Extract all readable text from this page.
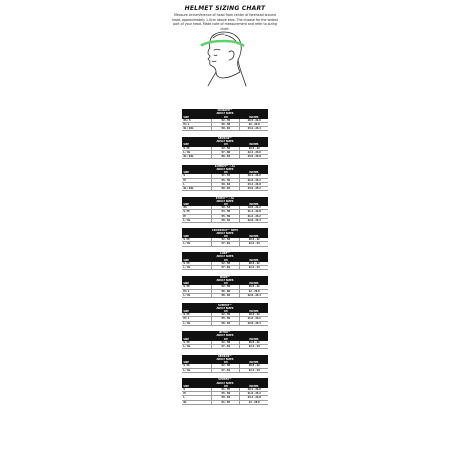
HELMET SIZING CHART
Measure circumference of head from center of forehead around head, approximately 1.5cm above ears. The choose for the widest part of your head. Make note of measurement and refer to sizing chart.
WANDER™
ADULT SIZES
SIZE	CM	INCHES
XS / S	52 - 55	20.5 - 21.6
M / L	56 - 58	22 - 22.8
XL / 2XL	59 - 62	23.2 - 24.4
SENSOR™
ADULT SIZES
SIZE	CM	INCHES
S / M	52 - 56	20.5 - 22
L / XL	57 - 60	22.4 - 23.6
XL / 2XL	60 - 63	23.6 - 24.8
SUMMIT™ / AL
ADULT SIZES
SIZE	CM	INCHES
S	51 - 55	20.1 - 21.6
M	55 - 59	21.6 - 23.2
L	59 - 63	23.2 - 24.8
XL / 2XL	60 - 64	23.6 - 25.2
STATIC™ / AL
ADULT SIZES
SIZE	CM	INCHES
XS	50 - 54	19.6 - 21.2
S / M	54 - 58	21.2 - 22.8
M	55 - 59	21.6 - 23.2
L / XL	58 - 62	22.8 - 24.4
CROSSWAY™ MIPS
ADULT SIZES
SIZE	CM	INCHES
S / M	52 - 56	20.5 - 22
L / XL	57 - 61	22.4 - 24
LURE™
ADULT SIZES
SIZE	CM	INCHES
S / M	52 - 56	20.5 - 22
L / XL	57 - 61	22.4 - 24
MIND™
ADULT SIZES
SIZE	CM	INCHES
S / M	52 - 56	20.5 - 22
M / L	56 - 60	22 - 23.6
L / XL	58 - 62	22.8 - 24.4
SUMMIT™
ADULT SIZES
SIZE	CM	INCHES
S / M	52 - 56	20.5 - 22
M / L	55 - 59	21.6 - 23.2
L / XL	58 - 62	22.8 - 24.4
NITRO™
ADULT SIZES
SIZE	CM	INCHES
S / M	52 - 56	20.5 - 22
L / XL	57 - 61	22.4 - 24
SENSOR™
ADULT SIZES
SIZE	CM	INCHES
S / M	52 - 56	20.5 - 22
L / XL	57 - 61	22.4 - 24
VERTEX™
ADULT SIZES
SIZE	CM	INCHES
S	51 - 55	20.1 - 21.6
M	55 - 59	21.6 - 23.2
L	59 - 63	23.2 - 24.8
XL	61 - 65	24 - 25.6
